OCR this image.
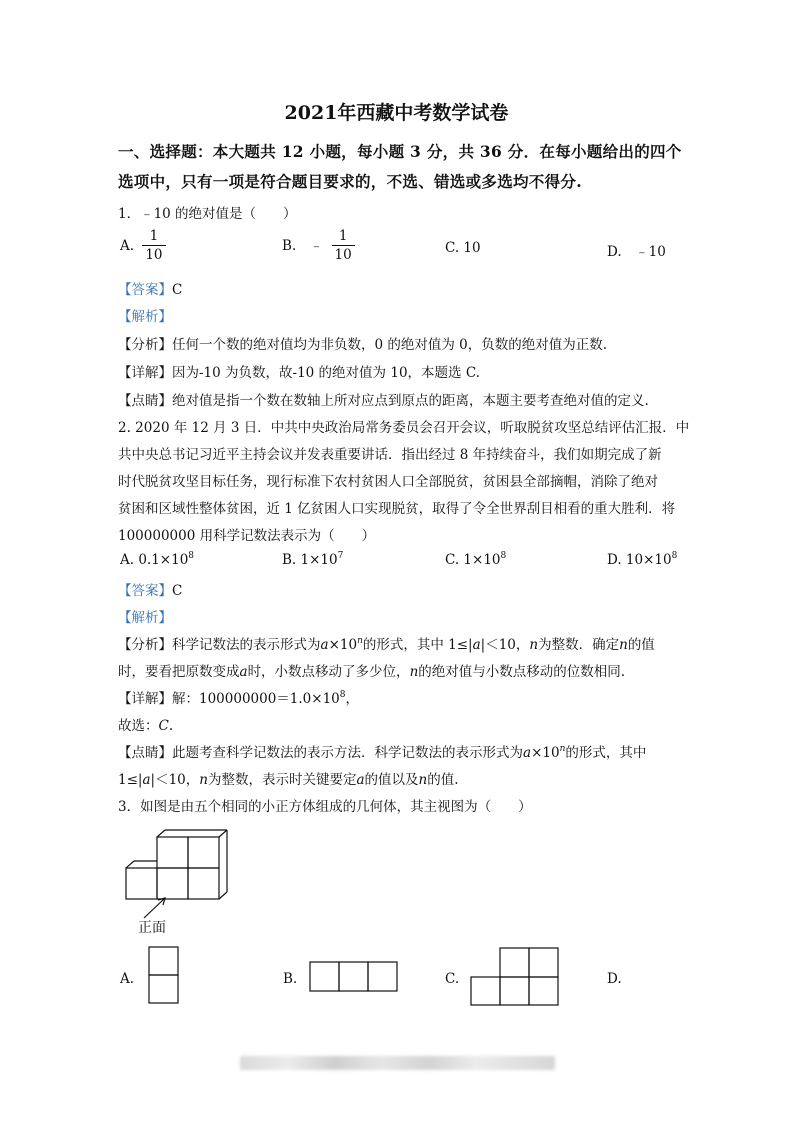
2021年西藏中考数学试卷
一、选择题：本大题共 12 小题，每小题 3 分，共 36 分．在每小题给出的四个
选项中，只有一项是符合题目要求的，不选、错选或多选均不得分.
1．﹣10 的绝对值是（　　）
A. $\frac{1}{10}$	B.　﹣ $\frac{1}{10}$	C. 10	D.　﹣10
【答案】C
【解析】
【分析】任何一个数的绝对值均为非负数，0 的绝对值为 0，负数的绝对值为正数.
【详解】因为-10 为负数，故-10 的绝对值为 10，本题选 C.
【点睛】绝对值是指一个数在数轴上所对应点到原点的距离，本题主要考查绝对值的定义.
2. 2020 年 12 月 3 日．中共中央政治局常务委员会召开会议，听取脱贫攻坚总结评估汇报．中
共中央总书记习近平主持会议并发表重要讲话．指出经过 8 年持续奋斗，我们如期完成了新
时代脱贫攻坚目标任务，现行标准下农村贫困人口全部脱贫，贫困县全部摘帽，消除了绝对
贫困和区域性整体贫困，近 1 亿贫困人口实现脱贫，取得了令全世界刮目相看的重大胜利．将
100000000 用科学记数法表示为（　　）
A. $0.1\times 10^8$	B. $1\times 10^7$	C. $1\times 10^8$	D. $10\times 10^8$
【答案】C
【解析】
【分析】科学记数法的表示形式为$a\times 10^n$的形式，其中 1≤|a|＜10，n为整数．确定n的值
时，要看把原数变成a时，小数点移动了多少位，n的绝对值与小数点移动的位数相同.
【详解】解：$100000000=1.0\times 10^8$，
故选：C.
【点睛】此题考查科学记数法的表示方法．科学记数法的表示形式为$a\times 10^n$的形式，其中
1≤|a|＜10，n为整数，表示时关键要定a的值以及n的值.
3．如图是由五个相同的小正方体组成的几何体，其主视图为（　　）
正面
A.	B.	C.	D.
